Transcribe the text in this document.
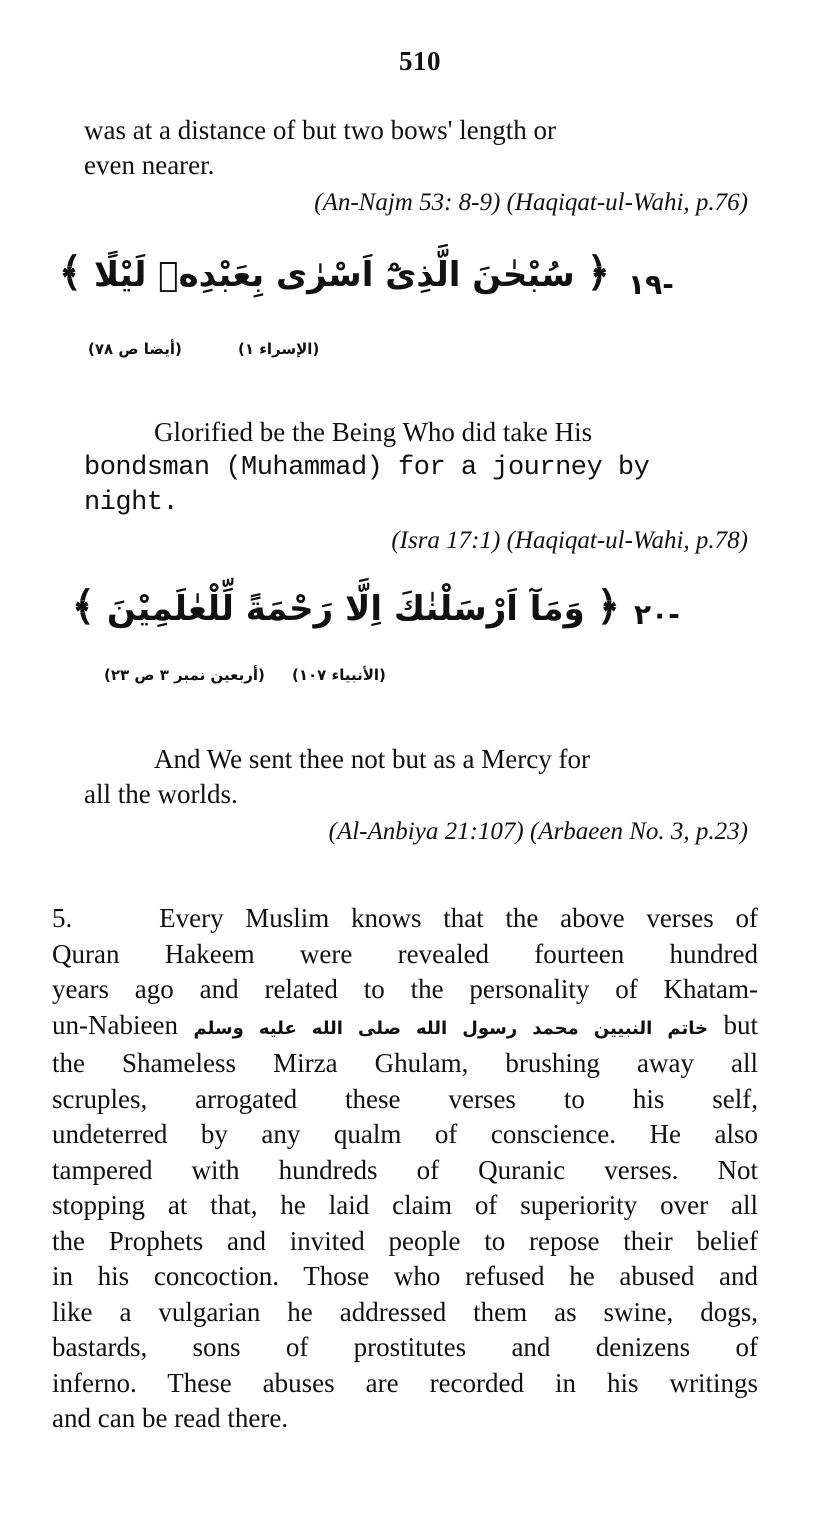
510
was at a distance of but two bows' length or
even nearer.
(An-Najm 53: 8-9) (Haqiqat-ul-Wahi, p.76)
﴿ سُبْحٰنَ الَّذِىْٓ اَسْرٰى بِعَبْدِهٖ لَيْلًا ﴾	-١٩
(الإسراء ١)
(أيضا ص ٧٨)
Glorified be the Being Who did take His
bondsman (Muhammad) for a journey by
night.
(Isra 17:1) (Haqiqat-ul-Wahi, p.78)
﴿ وَمَآ اَرْسَلْنٰكَ اِلَّا رَحْمَةً لِّلْعٰلَمِيْنَ ﴾	-٢٠
(الأنبياء ١٠٧)
(أربعين نمبر ٣ ص ٢٣)
And We sent thee not but as a Mercy for
all the worlds.
(Al-Anbiya 21:107) (Arbaeen No. 3, p.23)
5.    Every Muslim knows that the above verses of
Quran Hakeem were revealed fourteen hundred
years ago and related to the personality of Khatam-
un-Nabieen خاتم النبيين محمد رسول الله صلى الله عليه وسلم but
the Shameless Mirza Ghulam, brushing away all
scruples, arrogated these verses to his self,
undeterred by any qualm of conscience. He also
tampered with hundreds of Quranic verses. Not
stopping at that, he laid claim of superiority over all
the Prophets and invited people to repose their belief
in his concoction. Those who refused he abused and
like a vulgarian he addressed them as swine, dogs,
bastards, sons of prostitutes and denizens of
inferno. These abuses are recorded in his writings
and can be read there.
